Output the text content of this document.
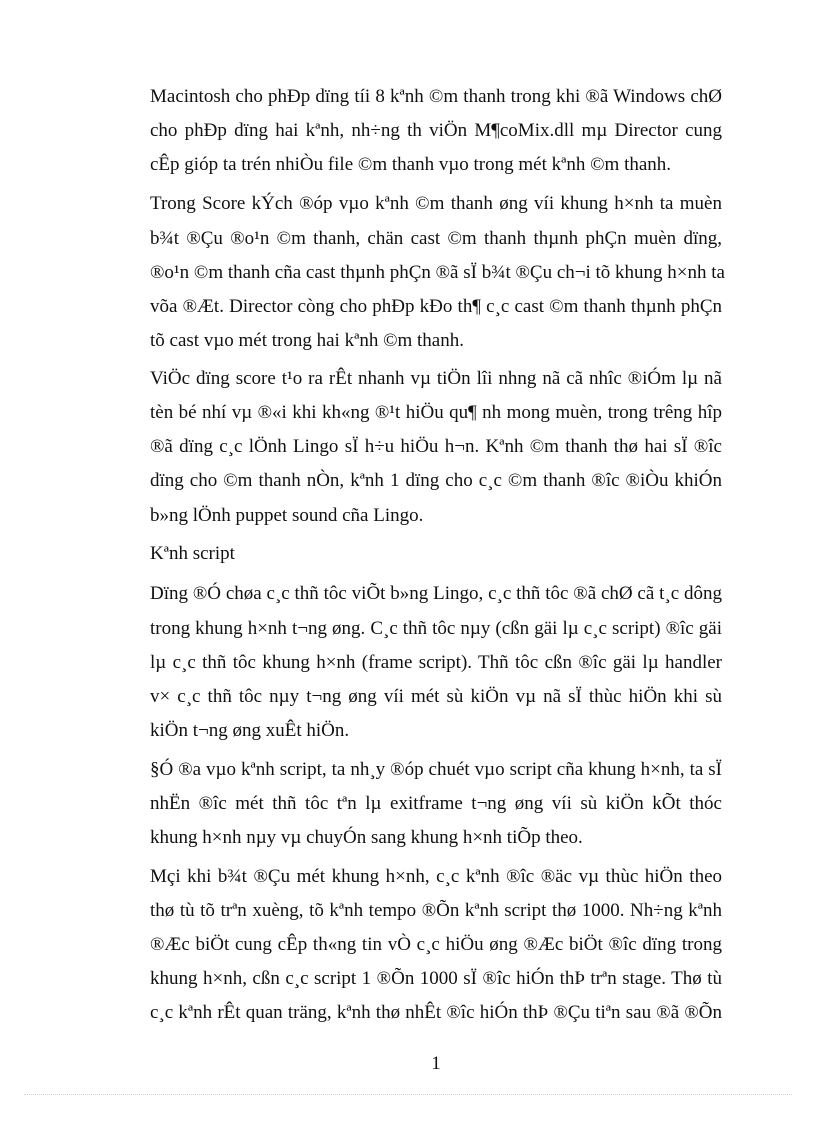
Macintosh cho phÐp dïng tíi 8 kªnh ©m thanh trong khi ®ã Windows chØ
cho phÐp dïng hai kªnh, nh÷ng th viÖn M¶coMix.dll mµ Director cung
cÊp gióp ta trén nhiÒu file ©m thanh vµo trong mét kªnh ©m thanh.
Trong Score kÝch ®óp vµo kªnh ©m thanh øng víi khung h×nh ta muèn
b¾t ®Çu ®o¹n ©m thanh, chän cast ©m thanh thµnh phÇn muèn dïng,
®o¹n ©m thanh cña cast thµnh phÇn ®ã sÏ b¾t ®Çu ch¬i tõ khung h×nh ta
võa ®Æt. Director còng cho phÐp kÐo th¶ c¸c cast ©m thanh thµnh phÇn
tõ cast vµo mét trong hai kªnh ©m thanh.
ViÖc dïng score t¹o ra rÊt nhanh vµ tiÖn lîi nhng nã cã nhîc ®iÓm lµ nã
tèn bé nhí vµ ®«i khi kh«ng ®¹t hiÖu qu¶ nh mong muèn, trong trêng hîp
®ã dïng c¸c lÖnh Lingo sÏ h÷u hiÖu h¬n. Kªnh ©m thanh thø hai sÏ ®îc
dïng cho ©m thanh nÒn, kªnh 1 dïng cho c¸c ©m thanh ®îc ®iÒu khiÓn
b»ng lÖnh puppet sound cña Lingo.
Kªnh script
Dïng ®Ó chøa c¸c thñ tôc viÕt b»ng Lingo, c¸c thñ tôc ®ã chØ cã t¸c dông
trong khung h×nh t¬ng øng. C¸c thñ tôc nµy (cßn gäi lµ c¸c script) ®îc gäi
lµ c¸c thñ tôc khung h×nh (frame script). Thñ tôc cßn ®îc gäi lµ handler
v× c¸c thñ tôc nµy t¬ng øng víi mét sù kiÖn vµ nã sÏ thùc hiÖn khi sù
kiÖn t¬ng øng xuÊt hiÖn.
§Ó ®a vµo kªnh script, ta nh¸y ®óp chuét vµo script cña khung h×nh, ta sÏ
nhËn ®îc mét thñ tôc tªn lµ exitframe t¬ng øng víi sù kiÖn kÕt thóc
khung h×nh nµy vµ chuyÓn sang khung h×nh tiÕp theo.
Mçi khi b¾t ®Çu mét khung h×nh, c¸c kªnh ®îc ®äc vµ thùc hiÖn theo
thø tù tõ trªn xuèng, tõ kªnh tempo ®Õn kªnh script thø 1000. Nh÷ng kªnh
®Æc biÖt cung cÊp th«ng tin vÒ c¸c hiÖu øng ®Æc biÖt ®îc dïng trong
khung h×nh, cßn c¸c script 1 ®Õn 1000 sÏ ®îc hiÓn thÞ trªn stage. Thø tù
c¸c kªnh rÊt quan träng, kªnh thø nhÊt ®îc hiÓn thÞ ®Çu tiªn sau ®ã ®Õn
1
